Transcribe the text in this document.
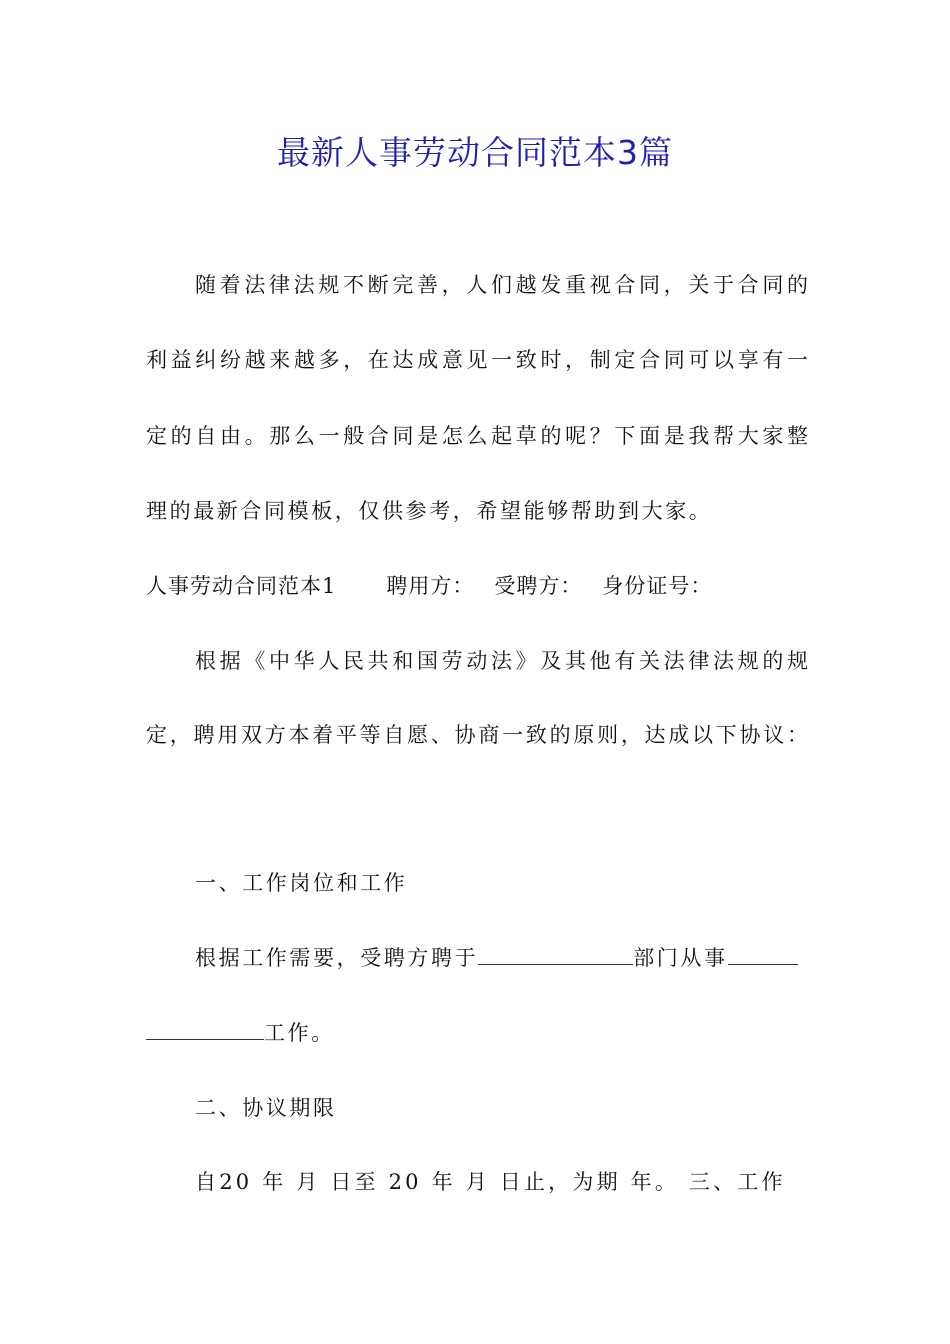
最新人事劳动合同范本3篇
随着法律法规不断完善，人们越发重视合同，关于合同的
利益纠纷越来越多，在达成意见一致时，制定合同可以享有一
定的自由。那么一般合同是怎么起草的呢？下面是我帮大家整
理的最新合同模板，仅供参考，希望能够帮助到大家。
人事劳动合同范本1 聘用方： 受聘方： 身份证号：
根据《中华人民共和国劳动法》及其他有关法律法规的规
定，聘用双方本着平等自愿、协商一致的原则，达成以下协议：
一、工作岗位和工作
根据工作需要，受聘方聘于	部门从事
工作。
二、协议期限
自20 年 月 日至 20 年 月 日止，为期 年。 三、工作
